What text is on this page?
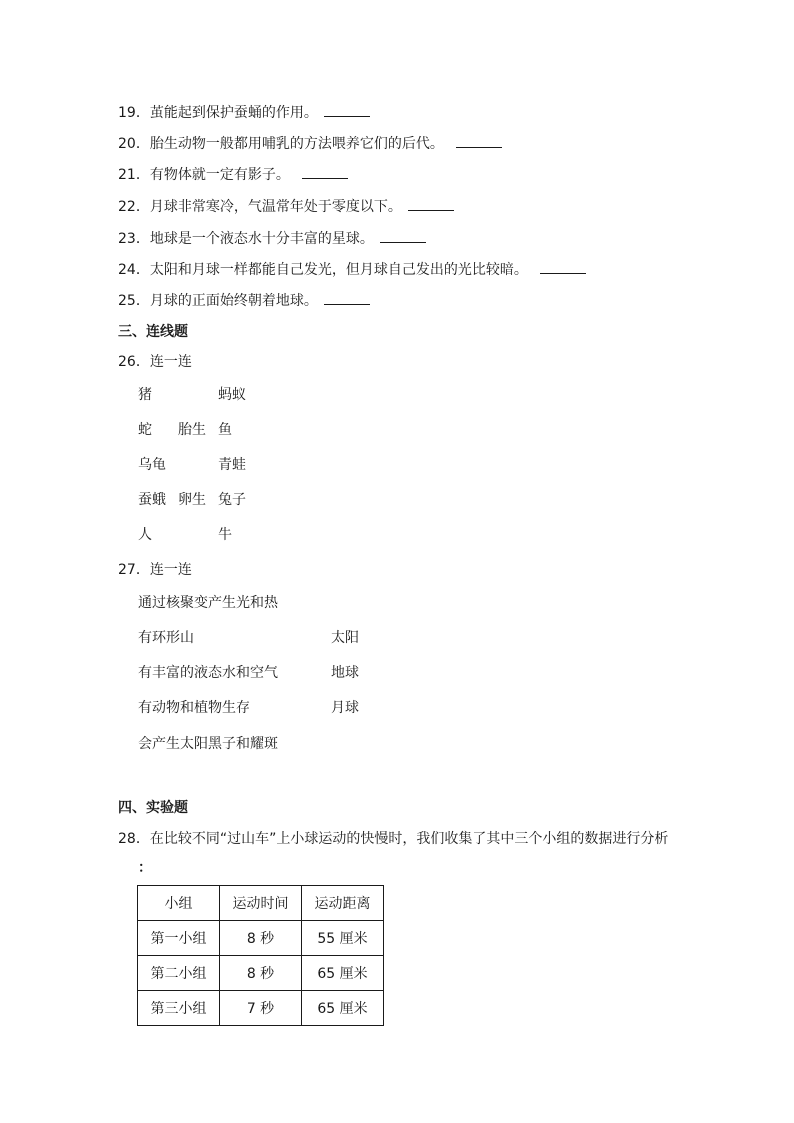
19．茧能起到保护蚕蛹的作用。
20．胎生动物一般都用哺乳的方法喂养它们的后代。
21．有物体就一定有影子。
22．月球非常寒冷，气温常年处于零度以下。
23．地球是一个液态水十分丰富的星球。
24．太阳和月球一样都能自己发光，但月球自己发出的光比较暗。
25．月球的正面始终朝着地球。
三、连线题
26．连一连
猪
蛇
乌龟
蚕蛾
人
胎生
卵生
蚂蚁
鱼
青蛙
兔子
牛
27．连一连
通过核聚变产生光和热
有环形山
有丰富的液态水和空气
有动物和植物生存
会产生太阳黑子和耀斑
太阳
地球
月球
四、实验题
28．在比较不同“过山车”上小球运动的快慢时，我们收集了其中三个小组的数据进行分析
：
小组	运动时间	运动距离
第一小组	8 秒	55 厘米
第二小组	8 秒	65 厘米
第三小组	7 秒	65 厘米
